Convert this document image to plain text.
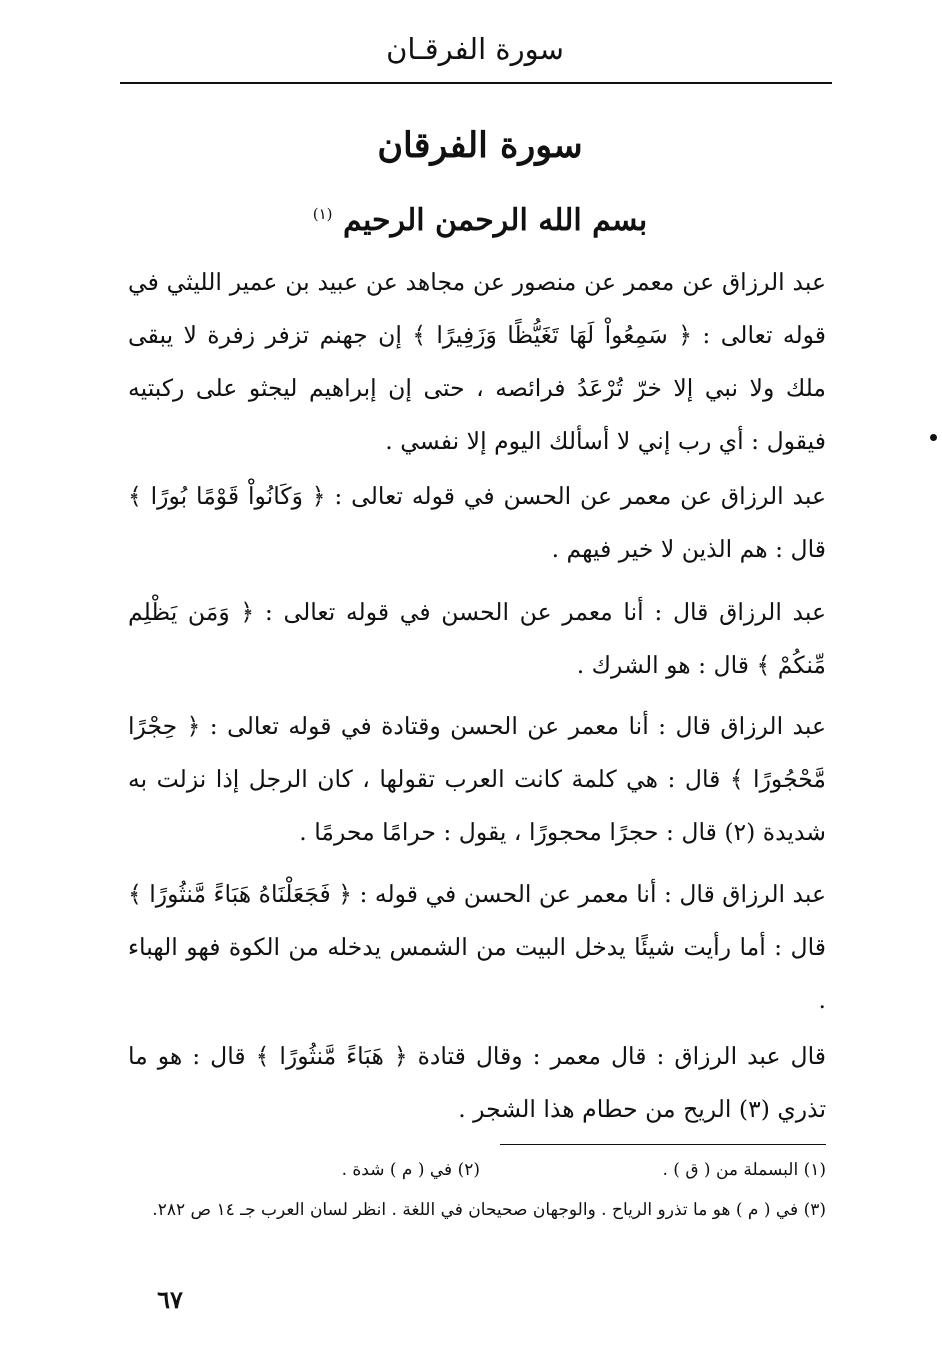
سورة الفرقـان
سورة الفرقان
بسم الله الرحمن الرحيم $^{(١)}$

عبد الرزاق عن معمر عن منصور عن مجاهد عن عبيد بن عمير الليثي في قوله تعالى : ﴿ سَمِعُواْ لَهَا تَغَيُّظًا وَزَفِيرًا ﴾ إن جهنم تزفر زفرة لا يبقى ملك ولا نبي إلا خرّ تُرْعَدُ فرائصه ، حتى إن إبراهيم ليجثو على ركبتيه فيقول : أي رب إني لا أسألك اليوم إلا نفسي .

عبد الرزاق عن معمر عن الحسن في قوله تعالى : ﴿ وَكَانُواْ قَوْمًا بُورًا ﴾ قال : هم الذين لا خير فيهم .

عبد الرزاق قال : أنا معمر عن الحسن في قوله تعالى : ﴿ وَمَن يَظْلِم مِّنكُمْ ﴾ قال : هو الشرك .

عبد الرزاق قال : أنا معمر عن الحسن وقتادة في قوله تعالى : ﴿ حِجْرًا مَّحْجُورًا ﴾ قال : هي كلمة كانت العرب تقولها ، كان الرجل إذا نزلت به شديدة (٢) قال : حجرًا محجورًا ، يقول : حرامًا محرمًا .

عبد الرزاق قال : أنا معمر عن الحسن في قوله : ﴿ فَجَعَلْنَاهُ هَبَاءً مَّنثُورًا ﴾ قال : أما رأيت شيئًا يدخل البيت من الشمس يدخله من الكوة فهو الهباء .

قال عبد الرزاق : قال معمر : وقال قتادة ﴿ هَبَاءً مَّنثُورًا ﴾ قال : هو ما تذري (٣) الريح من حطام هذا الشجر .

(١) البسملة من ( ق ) .
(٢) في ( م ) شدة .
(٣) في ( م ) هو ما تذرو الرياح . والوجهان صحيحان في اللغة . انظر لسان العرب جـ ١٤ ص ٢٨٢.
٦٧
